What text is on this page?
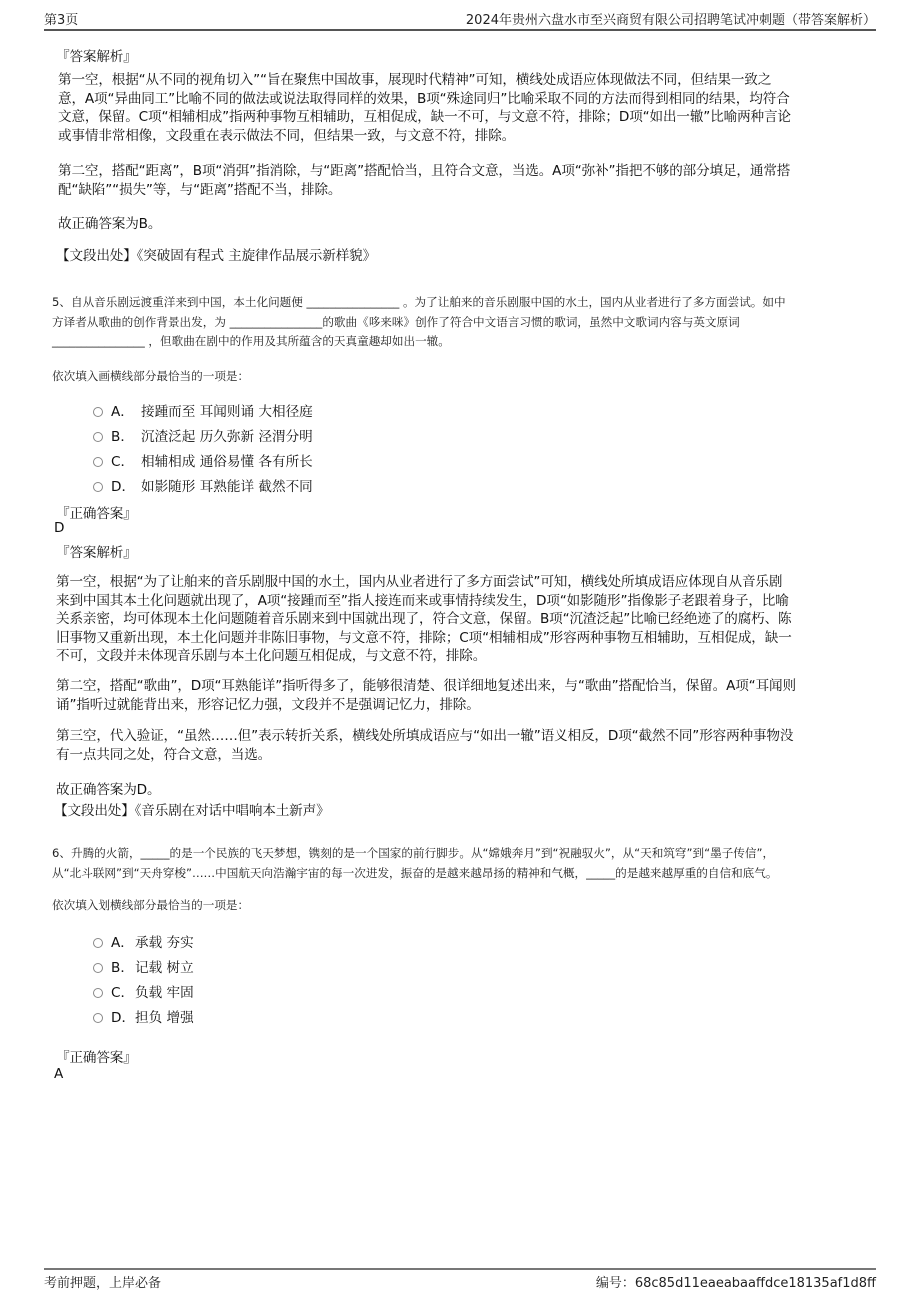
第3页	2024年贵州六盘水市至兴商贸有限公司招聘笔试冲刺题（带答案解析）
『答案解析』
第一空，根据“从不同的视角切入”“旨在聚焦中国故事，展现时代精神”可知，横线处成语应体现做法不同，但结果一致之
意，A项“异曲同工”比喻不同的做法或说法取得同样的效果，B项“殊途同归”比喻采取不同的方法而得到相同的结果，均符合
文意，保留。C项“相辅相成”指两种事物互相辅助，互相促成，缺一不可，与文意不符，排除；D项“如出一辙”比喻两种言论
或事情非常相像，文段重在表示做法不同，但结果一致，与文意不符，排除。
第二空，搭配“距离”，B项“消弭”指消除，与“距离”搭配恰当，且符合文意，当选。A项“弥补”指把不够的部分填足，通常搭
配“缺陷”“损失”等，与“距离”搭配不当，排除。
故正确答案为B。
【文段出处】《突破固有程式 主旋律作品展示新样貌》
5、自从音乐剧远渡重洋来到中国，本土化问题便 ________________ 。为了让舶来的音乐剧服中国的水土，国内从业者进行了多方面尝试。如中
方译者从歌曲的创作背景出发，为 ________________的歌曲《哆来咪》创作了符合中文语言习惯的歌词，虽然中文歌词内容与英文原词
________________ ，但歌曲在剧中的作用及其所蕴含的天真童趣却如出一辙。
依次填入画横线部分最恰当的一项是：
A． 接踵而至 耳闻则诵 大相径庭
B． 沉渣泛起 历久弥新 泾渭分明
C． 相辅相成 通俗易懂 各有所长
D． 如影随形 耳熟能详 截然不同
『正确答案』
D
『答案解析』
第一空，根据“为了让舶来的音乐剧服中国的水土，国内从业者进行了多方面尝试”可知，横线处所填成语应体现自从音乐剧
来到中国其本土化问题就出现了，A项“接踵而至”指人接连而来或事情持续发生，D项“如影随形”指像影子老跟着身子，比喻
关系亲密，均可体现本土化问题随着音乐剧来到中国就出现了，符合文意，保留。B项“沉渣泛起”比喻已经绝迹了的腐朽、陈
旧事物又重新出现，本土化问题并非陈旧事物，与文意不符，排除；C项“相辅相成”形容两种事物互相辅助，互相促成，缺一
不可，文段并未体现音乐剧与本土化问题互相促成，与文意不符，排除。
第二空，搭配“歌曲”，D项“耳熟能详”指听得多了，能够很清楚、很详细地复述出来，与“歌曲”搭配恰当，保留。A项“耳闻则
诵”指听过就能背出来，形容记忆力强，文段并不是强调记忆力，排除。
第三空，代入验证，“虽然……但”表示转折关系，横线处所填成语应与“如出一辙”语义相反，D项“截然不同”形容两种事物没
有一点共同之处，符合文意，当选。
故正确答案为D。
【文段出处】《音乐剧在对话中唱响本土新声》
6、升腾的火箭，_____的是一个民族的飞天梦想，镌刻的是一个国家的前行脚步。从“嫦娥奔月”到“祝融驭火”，从“天和筑穹”到“墨子传信”，
从“北斗联网”到“天舟穿梭”……中国航天向浩瀚宇宙的每一次进发，振奋的是越来越昂扬的精神和气概，_____的是越来越厚重的自信和底气。
依次填入划横线部分最恰当的一项是：
A． 承载 夯实
B． 记载 树立
C． 负载 牢固
D． 担负 增强
『正确答案』
A
考前押题，上岸必备	编号：68c85d11eaeabaaffdce18135af1d8ff
